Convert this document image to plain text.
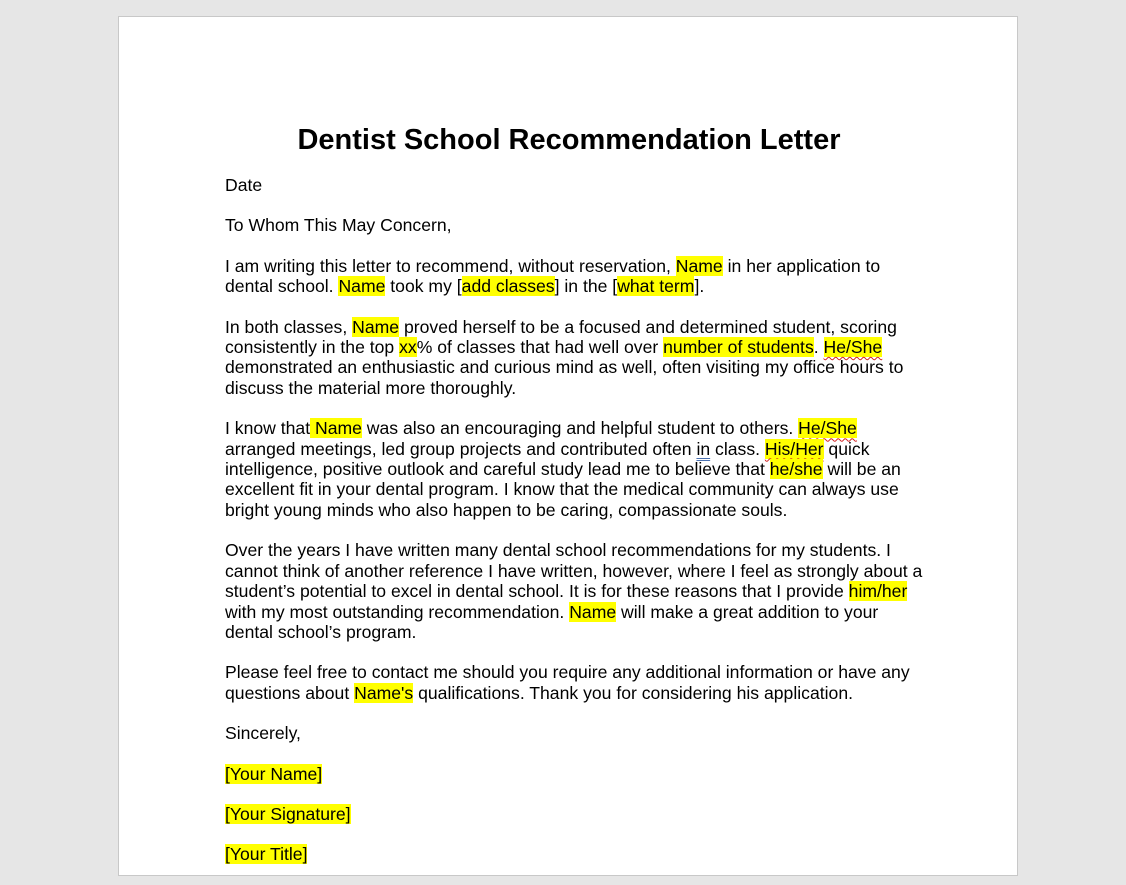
Dentist School Recommendation Letter

Date

To Whom This May Concern,

I am writing this letter to recommend, without reservation, Name in her application to dental school. Name took my [add classes] in the [what term].

In both classes, Name proved herself to be a focused and determined student, scoring consistently in the top xx% of classes that had well over number of students. He/She demonstrated an enthusiastic and curious mind as well, often visiting my office hours to discuss the material more thoroughly.

I know that Name was also an encouraging and helpful student to others. He/She arranged meetings, led group projects and contributed often in class. His/Her quick intelligence, positive outlook and careful study lead me to believe that he/she will be an excellent fit in your dental program. I know that the medical community can always use bright young minds who also happen to be caring, compassionate souls.

Over the years I have written many dental school recommendations for my students. I cannot think of another reference I have written, however, where I feel as strongly about a student’s potential to excel in dental school. It is for these reasons that I provide him/her with my most outstanding recommendation. Name will make a great addition to your dental school’s program.

Please feel free to contact me should you require any additional information or have any questions about Name's qualifications. Thank you for considering his application.

Sincerely,

[Your Name]

[Your Signature]

[Your Title]
